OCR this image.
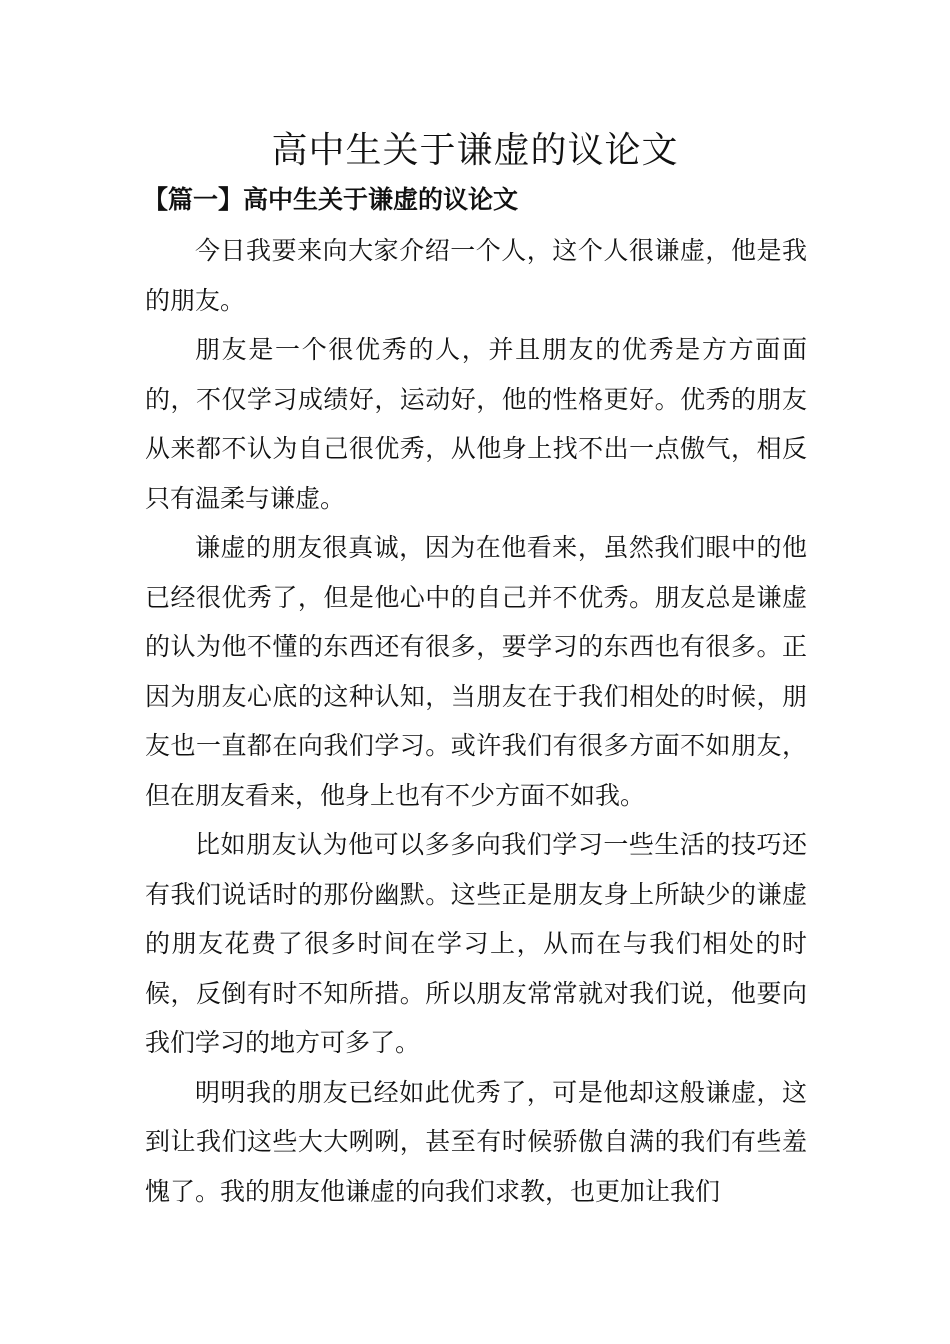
高中生关于谦虚的议论文
【篇一】高中生关于谦虚的议论文

今日我要来向大家介绍一个人，这个人很谦虚，他是我的朋友。

朋友是一个很优秀的人，并且朋友的优秀是方方面面的，不仅学习成绩好，运动好，他的性格更好。优秀的朋友从来都不认为自己很优秀，从他身上找不出一点傲气，相反只有温柔与谦虚。

谦虚的朋友很真诚，因为在他看来，虽然我们眼中的他已经很优秀了，但是他心中的自己并不优秀。朋友总是谦虚的认为他不懂的东西还有很多，要学习的东西也有很多。正因为朋友心底的这种认知，当朋友在于我们相处的时候，朋友也一直都在向我们学习。或许我们有很多方面不如朋友，但在朋友看来，他身上也有不少方面不如我。

比如朋友认为他可以多多向我们学习一些生活的技巧还有我们说话时的那份幽默。这些正是朋友身上所缺少的谦虚的朋友花费了很多时间在学习上，从而在与我们相处的时候，反倒有时不知所措。所以朋友常常就对我们说，他要向我们学习的地方可多了。

明明我的朋友已经如此优秀了，可是他却这般谦虚，这到让我们这些大大咧咧，甚至有时候骄傲自满的我们有些羞愧了。我的朋友他谦虚的向我们求教，也更加让我们
